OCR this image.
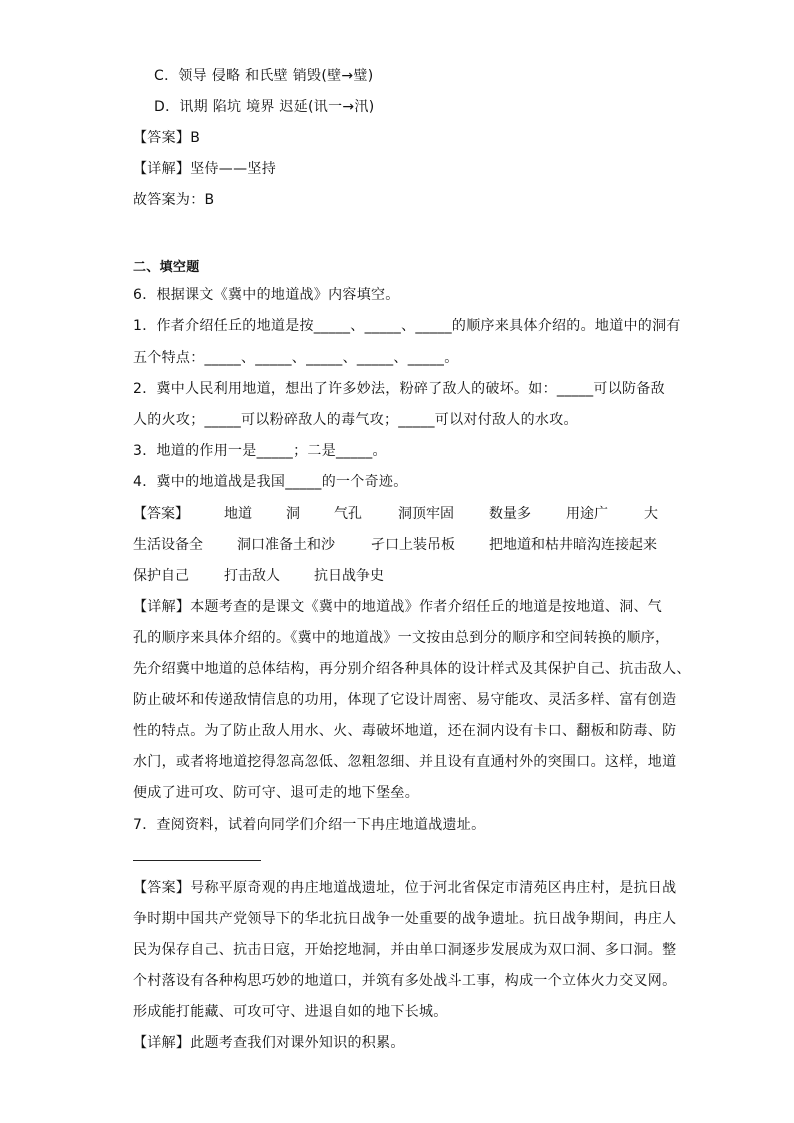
C．领导 侵略 和氏壁 销毁(壁→璧)
D．讯期 陷坑 境界 迟延(讯一→汛)
【答案】B
【详解】坚侍——坚持
故答案为：B
二、填空题
6．根据课文《冀中的地道战》内容填空。
1．作者介绍任丘的地道是按_____、_____、_____的顺序来具体介绍的。地道中的洞有
五个特点：_____、_____、_____、_____、_____。
2．冀中人民利用地道，想出了许多妙法，粉碎了敌人的破坏。如：_____可以防备敌
人的火攻；_____可以粉碎敌人的毒气攻；_____可以对付敌人的水攻。
3．地道的作用一是_____；二是_____。
4．冀中的地道战是我国_____的一个奇迹。
【答案】	地道 洞 气孔	洞顶牢固	数量多	用途广	大
生活设备全 洞口准备土和沙	孑口上装吊板 把地道和枯井暗沟连接起来
保护自己	打击敌人 抗日战争史
【详解】本题考查的是课文《冀中的地道战》作者介绍任丘的地道是按地道、洞、气
孔的顺序来具体介绍的。《冀中的地道战》一文按由总到分的顺序和空间转换的顺序，
先介绍冀中地道的总体结构，再分别介绍各种具体的设计样式及其保护自己、抗击敌人、
防止破坏和传递敌情信息的功用，体现了它设计周密、易守能攻、灵活多样、富有创造
性的特点。为了防止敌人用水、火、毒破坏地道，还在洞内设有卡口、翻板和防毒、防
水门，或者将地道挖得忽高忽低、忽粗忽细、并且设有直通村外的突围口。这样，地道
便成了进可攻、防可守、退可走的地下堡垒。
7．查阅资料，试着向同学们介绍一下冉庄地道战遗址。
【答案】号称平原奇观的冉庄地道战遗址，位于河北省保定市清苑区冉庄村，是抗日战
争时期中国共产党领导下的华北抗日战争一处重要的战争遗址。抗日战争期间，冉庄人
民为保存自己、抗击日寇，开始挖地洞，并由单口洞逐步发展成为双口洞、多口洞。整
个村落设有各种构思巧妙的地道口，并筑有多处战斗工事，构成一个立体火力交叉网。
形成能打能藏、可攻可守、进退自如的地下长城。
【详解】此题考查我们对课外知识的积累。
